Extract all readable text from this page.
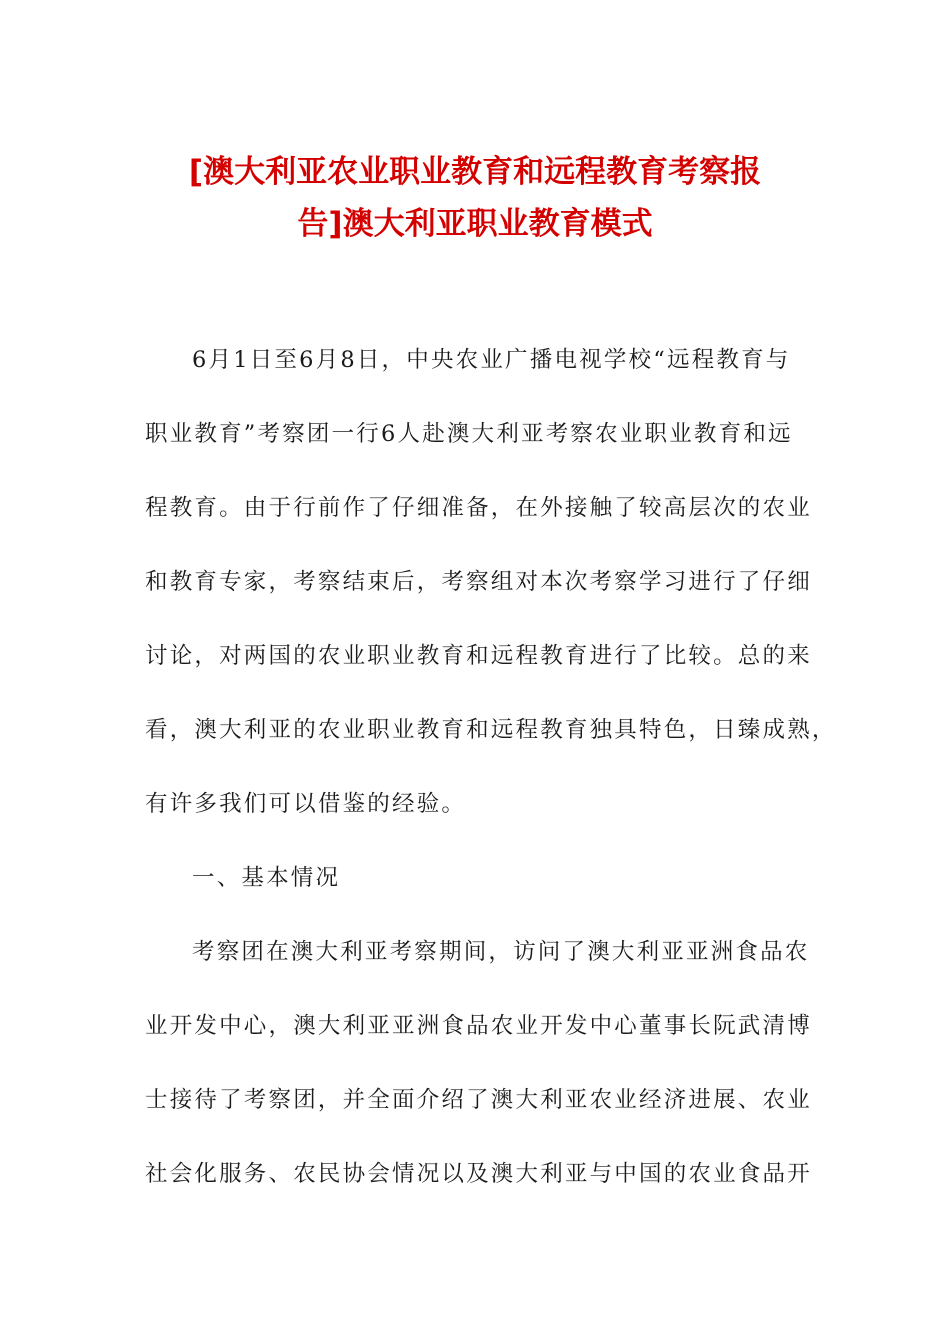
[澳大利亚农业职业教育和远程教育考察报
告]澳大利亚职业教育模式
6月1日至6月8日，中央农业广播电视学校“远程教育与
职业教育”考察团一行6人赴澳大利亚考察农业职业教育和远
程教育。由于行前作了仔细准备，在外接触了较高层次的农业
和教育专家，考察结束后，考察组对本次考察学习进行了仔细
讨论，对两国的农业职业教育和远程教育进行了比较。总的来
看，澳大利亚的农业职业教育和远程教育独具特色，日臻成熟，
有许多我们可以借鉴的经验。
一、基本情况
考察团在澳大利亚考察期间，访问了澳大利亚亚洲食品农
业开发中心，澳大利亚亚洲食品农业开发中心董事长阮武清博
士接待了考察团，并全面介绍了澳大利亚农业经济进展、农业
社会化服务、农民协会情况以及澳大利亚与中国的农业食品开
